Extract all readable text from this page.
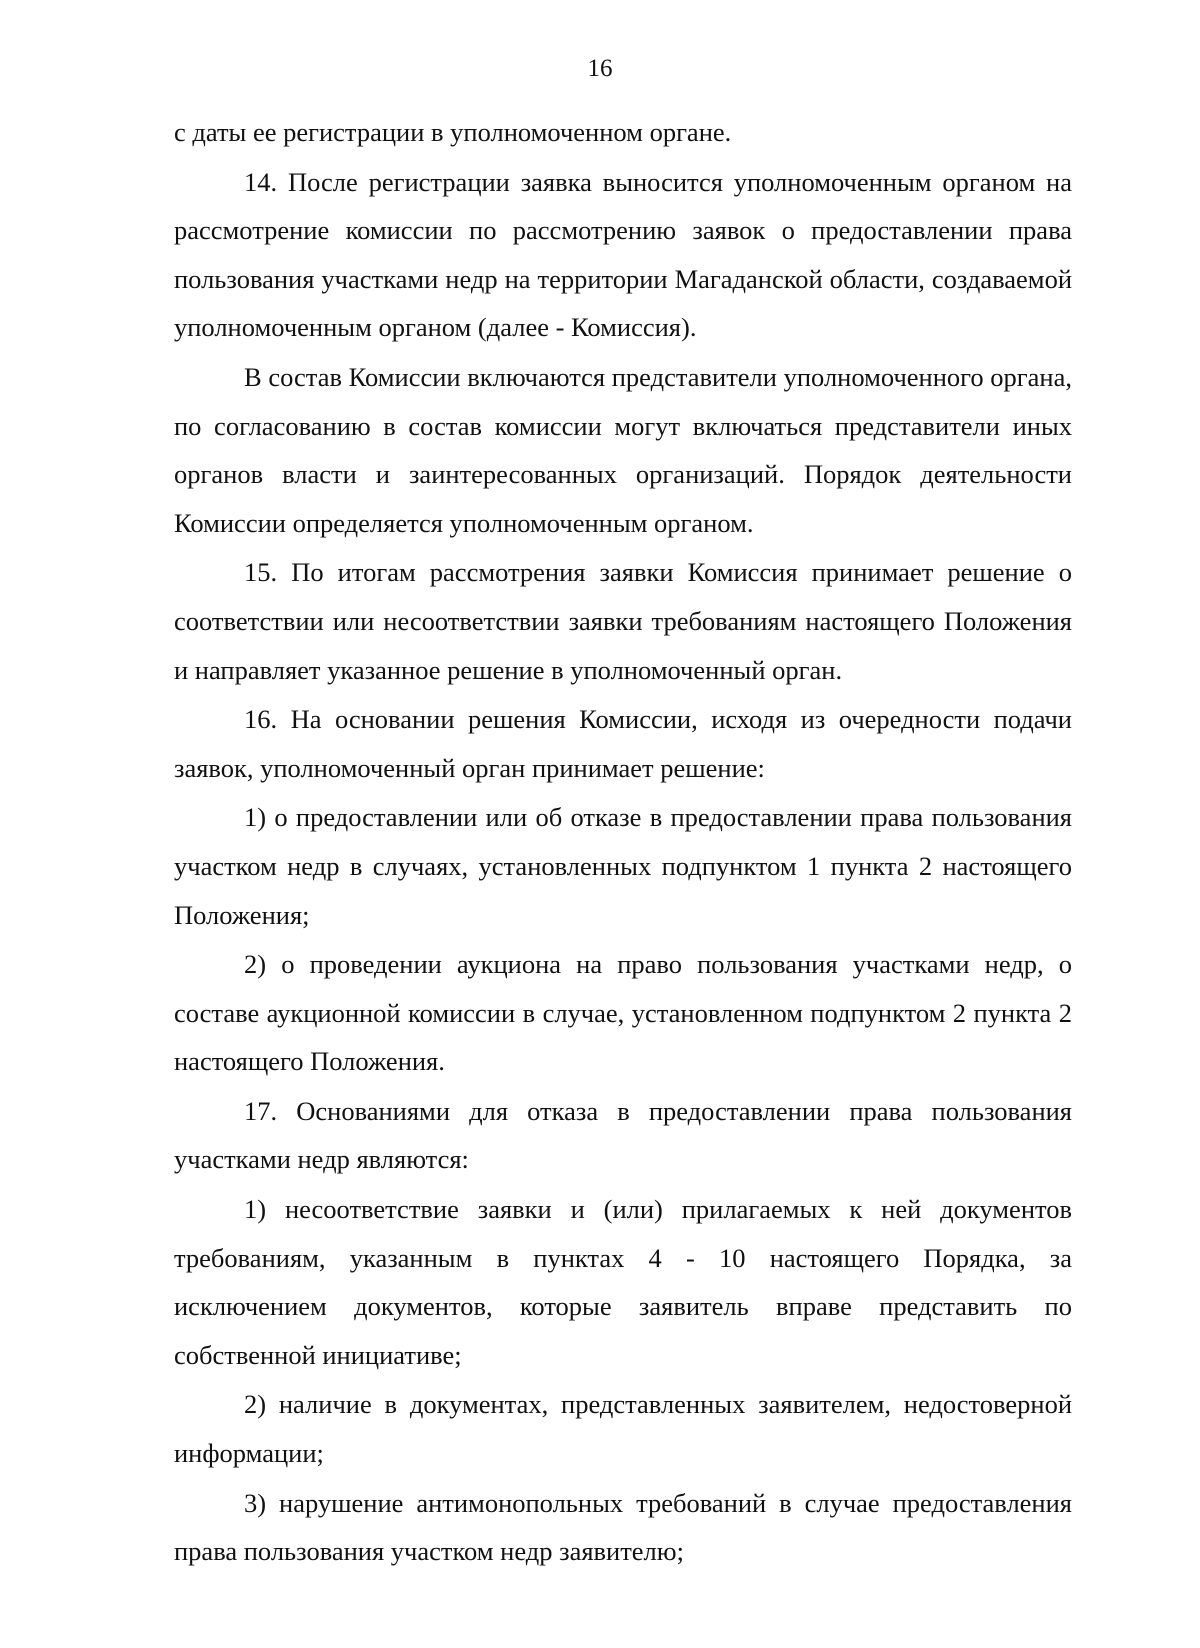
16

с даты ее регистрации в уполномоченном органе.

14. После регистрации заявка выносится уполномоченным органом на рассмотрение комиссии по рассмотрению заявок о предоставлении права пользования участками недр на территории Магаданской области, создаваемой уполномоченным органом (далее - Комиссия).

В состав Комиссии включаются представители уполномоченного органа, по согласованию в состав комиссии могут включаться представители иных органов власти и заинтересованных организаций. Порядок деятельности Комиссии определяется уполномоченным органом.

15. По итогам рассмотрения заявки Комиссия принимает решение о соответствии или несоответствии заявки требованиям настоящего Положения и направляет указанное решение в уполномоченный орган.

16. На основании решения Комиссии, исходя из очередности подачи заявок, уполномоченный орган принимает решение:

1) о предоставлении или об отказе в предоставлении права пользования участком недр в случаях, установленных подпунктом 1 пункта 2 настоящего Положения;

2) о проведении аукциона на право пользования участками недр, о составе аукционной комиссии в случае, установленном подпунктом 2 пункта 2 настоящего Положения.

17. Основаниями для отказа в предоставлении права пользования участками недр являются:

1) несоответствие заявки и (или) прилагаемых к ней документов требованиям, указанным в пунктах 4 - 10 настоящего Порядка, за исключением документов, которые заявитель вправе представить по собственной инициативе;

2) наличие в документах, представленных заявителем, недостоверной информации;

3) нарушение антимонопольных требований в случае предоставления права пользования участком недр заявителю;
